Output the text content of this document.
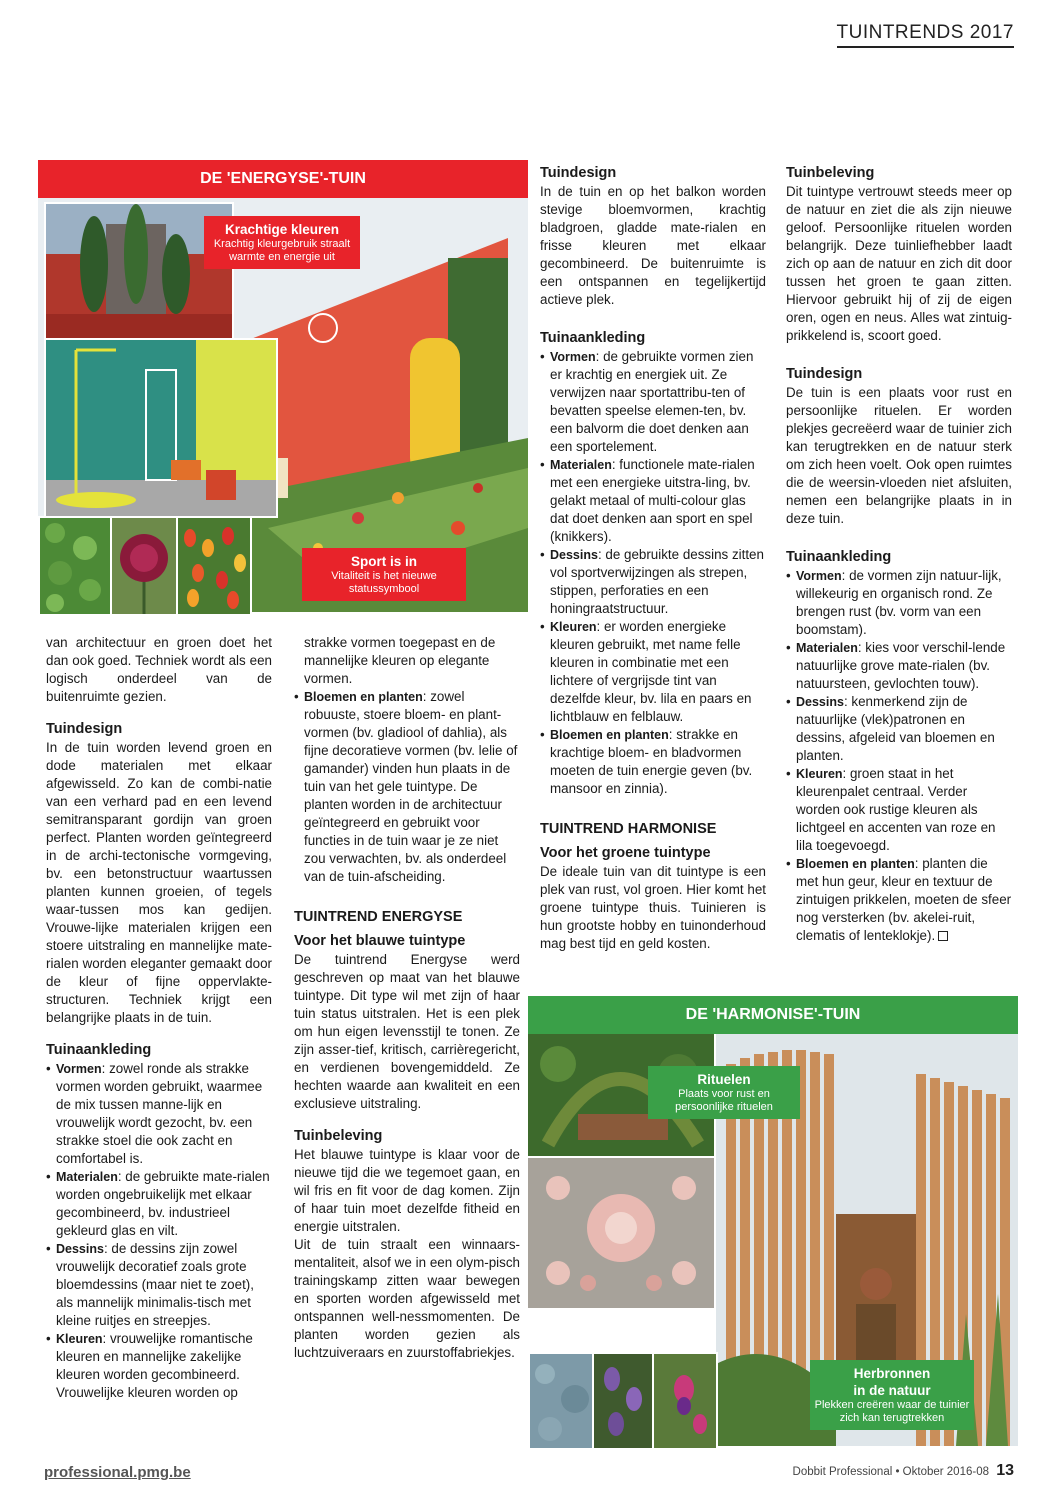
TUINTRENDS 2017
DE 'ENERGYSE'-TUIN
Krachtige kleuren
Krachtig kleurgebruik straalt warmte en energie uit
Sport is in
Vitaliteit is het nieuwe statussymbool

van architectuur en groen doet het dan ook goed. Techniek wordt als een logisch onderdeel van de buitenruimte gezien.

Tuindesign

In de tuin worden levend groen en dode materialen met elkaar afgewisseld. Zo kan de combi-natie van een verhard pad en een levend semitransparant gordijn van groen perfect. Planten worden geïntegreerd in de archi-tectonische vormgeving, bv. een betonstructuur waartussen planten kunnen groeien, of tegels waar-tussen mos kan gedijen. Vrouwe-lijke materialen krijgen een stoere uitstraling en mannelijke mate-rialen worden eleganter gemaakt door de kleur of fijne oppervlakte-structuren. Techniek krijgt een belangrijke plaats in de tuin.

Tuinaankleding
• Vormen: zowel ronde als strakke vormen worden gebruikt, waarmee de mix tussen manne-lijk en vrouwelijk wordt gezocht, bv. een strakke stoel die ook zacht en comfortabel is.
• Materialen: de gebruikte mate-rialen worden ongebruikelijk met elkaar gecombineerd, bv. industrieel gekleurd glas en vilt.
• Dessins: de dessins zijn zowel vrouwelijk decoratief zoals grote bloemdessins (maar niet te zoet), als mannelijk minimalis-tisch met kleine ruitjes en streepjes.
• Kleuren: vrouwelijke romantische kleuren en mannelijke zakelijke kleuren worden gecombineerd. Vrouwelijke kleuren worden op

strakke vormen toegepast en de mannelijke kleuren op elegante vormen.

• Bloemen en planten: zowel robuuste, stoere bloem- en plant-vormen (bv. gladiool of dahlia), als fijne decoratieve vormen (bv. lelie of gamander) vinden hun plaats in de tuin van het gele tuintype. De planten worden in de architectuur geïntegreerd en gebruikt voor functies in de tuin waar je ze niet zou verwachten, bv. als onderdeel van de tuin-afscheiding.
TUINTREND ENERGYSE
Voor het blauwe tuintype

De tuintrend Energyse werd geschreven op maat van het blauwe tuintype. Dit type wil met zijn of haar tuin status uitstralen. Het is een plek om hun eigen levensstijl te tonen. Ze zijn asser-tief, kritisch, carrièregericht, en verdienen bovengemiddeld. Ze hechten waarde aan kwaliteit en een exclusieve uitstraling.

Tuinbeleving

Het blauwe tuintype is klaar voor de nieuwe tijd die we tegemoet gaan, en wil fris en fit voor de dag komen. Zijn of haar tuin moet dezelfde fitheid en energie uitstralen.

Uit de tuin straalt een winnaars-mentaliteit, alsof we in een olym-pisch trainingskamp zitten waar bewegen en sporten worden afgewisseld met ontspannen well-nessmomenten. De planten worden gezien als luchtzuiveraars en zuurstoffabriekjes.

Tuindesign

In de tuin en op het balkon worden stevige bloemvormen, krachtig bladgroen, gladde mate-rialen en frisse kleuren met elkaar gecombineerd. De buitenruimte is een ontspannen en tegelijkertijd actieve plek.

Tuinaankleding
• Vormen: de gebruikte vormen zien er krachtig en energiek uit. Ze verwijzen naar sportattribu-ten of bevatten speelse elemen-ten, bv. een balvorm die doet denken aan een sportelement.
• Materialen: functionele mate-rialen met een energieke uitstra-ling, bv. gelakt metaal of multi-colour glas dat doet denken aan sport en spel (knikkers).
• Dessins: de gebruikte dessins zitten vol sportverwijzingen als strepen, stippen, perforaties en een honingraatstructuur.
• Kleuren: er worden energieke kleuren gebruikt, met name felle kleuren in combinatie met een lichtere of vergrijsde tint van dezelfde kleur, bv. lila en paars en lichtblauw en felblauw.
• Bloemen en planten: strakke en krachtige bloem- en bladvormen moeten de tuin energie geven (bv. mansoor en zinnia).
TUINTREND HARMONISE
Voor het groene tuintype

De ideale tuin van dit tuintype is een plek van rust, vol groen. Hier komt het groene tuintype thuis. Tuinieren is hun grootste hobby en tuinonderhoud mag best tijd en geld kosten.

Tuinbeleving

Dit tuintype vertrouwt steeds meer op de natuur en ziet die als zijn nieuwe geloof. Persoonlijke rituelen worden belangrijk. Deze tuinliefhebber laadt zich op aan de natuur en zich dit door tussen het groen te gaan zitten. Hiervoor gebruikt hij of zij de eigen oren, ogen en neus. Alles wat zintuig-prikkelend is, scoort goed.

Tuindesign

De tuin is een plaats voor rust en persoonlijke rituelen. Er worden plekjes gecreëerd waar de tuinier zich kan terugtrekken en de natuur sterk om zich heen voelt. Ook open ruimtes die de weersin-vloeden niet afsluiten, nemen een belangrijke plaats in in deze tuin.

Tuinaankleding
• Vormen: de vormen zijn natuur-lijk, willekeurig en organisch rond. Ze brengen rust (bv. vorm van een boomstam).
• Materialen: kies voor verschil-lende natuurlijke grove mate-rialen (bv. natuursteen, gevlochten touw).
• Dessins: kenmerkend zijn de natuurlijke (vlek)patronen en dessins, afgeleid van bloemen en planten.
• Kleuren: groen staat in het kleurenpalet centraal. Verder worden ook rustige kleuren als lichtgeel en accenten van roze en lila toegevoegd.
• Bloemen en planten: planten die met hun geur, kleur en textuur de zintuigen prikkelen, moeten de sfeer nog versterken (bv. akelei-ruit, clematis of lenteklokje).
DE 'HARMONISE'-TUIN
Rituelen
Plaats voor rust en persoonlijke rituelen
Herbronnen
in de natuur
Plekken creëren waar de tuinier zich kan terugtrekken
professional.pmg.be	Dobbit Professional • Oktober 2016-08 13
